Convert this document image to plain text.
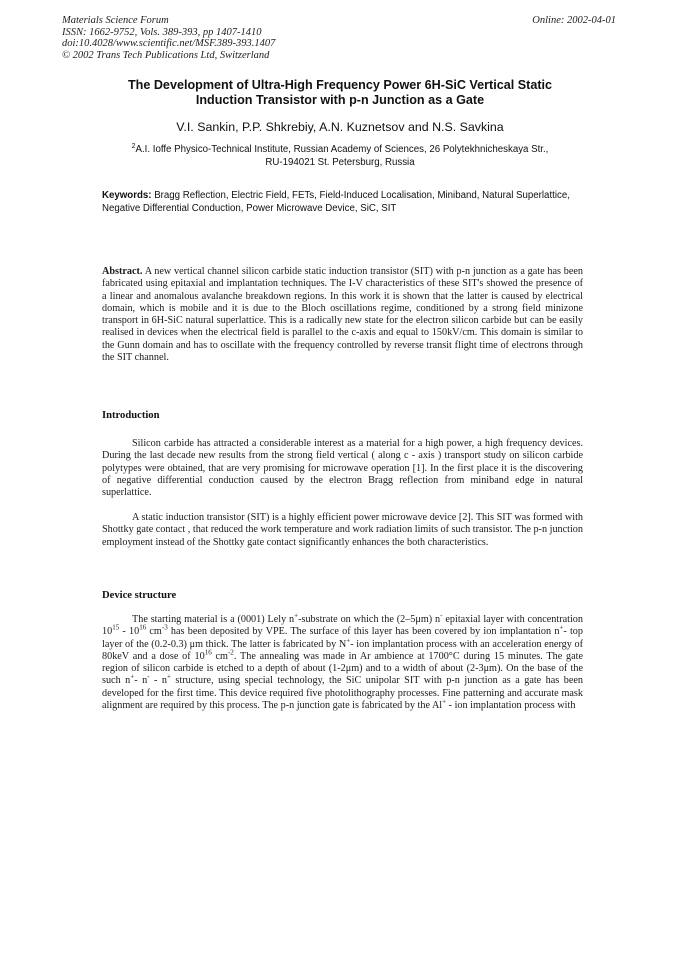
Materials Science Forum
ISSN: 1662-9752, Vols. 389-393, pp 1407-1410
doi:10.4028/www.scientific.net/MSF.389-393.1407
© 2002 Trans Tech Publications Ltd, Switzerland
Online: 2002-04-01
The Development of Ultra-High Frequency Power 6H-SiC Vertical Static
Induction Transistor with p-n Junction as a Gate
V.I. Sankin, P.P. Shkrebiy, A.N. Kuznetsov and N.S. Savkina
$^2$A.I. Ioffe Physico-Technical Institute, Russian Academy of Sciences, 26 Polytekhnicheskaya Str.,
RU-194021 St. Petersburg, Russia
Keywords: Bragg Reflection, Electric Field, FETs, Field-Induced Localisation, Miniband, Natural Superlattice, Negative Differential Conduction, Power Microwave Device, SiC, SIT
Abstract. A new vertical channel silicon carbide static induction transistor (SIT) with p-n junction as a gate has been fabricated using epitaxial and implantation techniques. The I-V characteristics of these SIT's showed the presence of a linear and anomalous avalanche breakdown regions. In this work it is shown that the latter is caused by electrical domain, which is mobile and it is due to the Bloch oscillations regime, conditioned by a strong field minizone transport in 6H-SiC natural superlattice. This is a radically new state for the electron silicon carbide but can be easily realised in devices when the electrical field is parallel to the c-axis and equal to 150kV/cm. This domain is similar to the Gunn domain and has to oscillate with the frequency controlled by reverse transit flight time of electrons through the SIT channel.
Introduction
Silicon carbide has attracted a considerable interest as a material for a high power, a high frequency devices. During the last decade new results from the strong field vertical ( along c - axis ) transport study on silicon carbide polytypes were obtained, that are very promising for microwave operation [1]. In the first place it is the discovering of negative differential conduction caused by the electron Bragg reflection from miniband edge in natural superlattice.
A static induction transistor (SIT) is a highly efficient power microwave device [2]. This SIT was formed with Shottky gate contact , that reduced the work temperature and work radiation limits of such transistor. The p-n junction employment instead of the Shottky gate contact significantly enhances the both characteristics.
Device structure
The starting material is a (0001) Lely n+-substrate on which the (2–5μm) n- epitaxial layer with concentration $10^{15} - 10^{16}$ $cm^{-3}$ has been deposited by VPE. The surface of this layer has been covered by ion implantation n+- top layer of the (0.2-0.3) μm thick. The latter is fabricated by N+- ion implantation process with an acceleration energy of 80keV and a dose of $10^{16}$ $cm^{-2}$. The annealing was made in Ar ambience at 1700°C during 15 minutes. The gate region of silicon carbide is etched to a depth of about (1-2μm) and to a width of about (2-3μm). On the base of the such n+- n- - n+ structure, using special technology, the SiC unipolar SIT with p-n junction as a gate has been developed for the first time. This device required five photolithography processes. Fine patterning and accurate mask alignment are required by this process. The p-n junction gate is fabricated by the Al+ - ion implantation process with
